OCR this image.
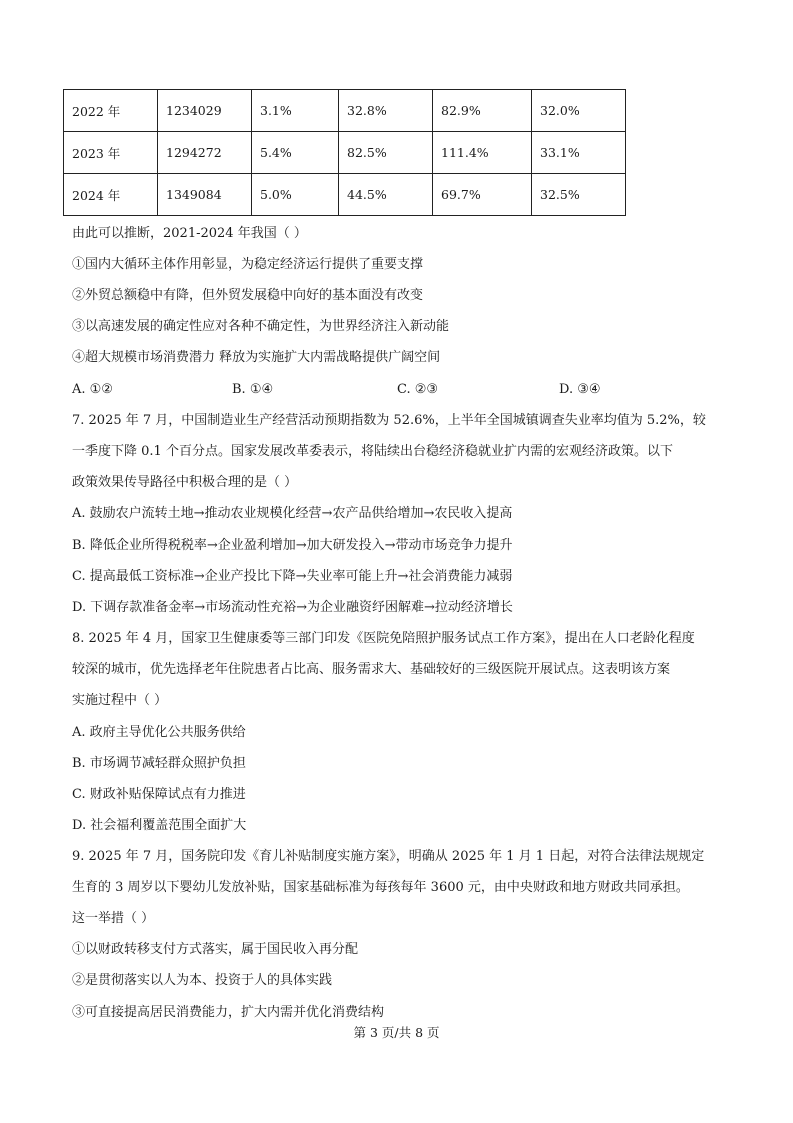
2022 年	1234029	3.1%	32.8%	82.9%	32.0%
2023 年	1294272	5.4%	82.5%	111.4%	33.1%
2024 年	1349084	5.0%	44.5%	69.7%	32.5%
由此可以推断，2021-2024 年我国（ ）
①国内大循环主体作用彰显，为稳定经济运行提供了重要支撑
②外贸总额稳中有降，但外贸发展稳中向好的基本面没有改变
③以高速发展的确定性应对各种不确定性，为世界经济注入新动能
④超大规模市场消费潜力 释放为实施扩大内需战略提供广阔空间
A. ①②	B. ①④	C. ②③	D. ③④
7. 2025 年 7 月，中国制造业生产经营活动预期指数为 52.6%，上半年全国城镇调查失业率均值为 5.2%，较
一季度下降 0.1 个百分点。国家发展改革委表示，将陆续出台稳经济稳就业扩内需的宏观经济政策。以下
政策效果传导路径中积极合理的是（ ）
A. 鼓励农户流转土地→推动农业规模化经营→农产品供给增加→农民收入提高
B. 降低企业所得税税率→企业盈利增加→加大研发投入→带动市场竞争力提升
C. 提高最低工资标准→企业产投比下降→失业率可能上升→社会消费能力减弱
D. 下调存款准备金率→市场流动性充裕→为企业融资纾困解难→拉动经济增长
8. 2025 年 4 月，国家卫生健康委等三部门印发《医院免陪照护服务试点工作方案》，提出在人口老龄化程度
较深的城市，优先选择老年住院患者占比高、服务需求大、基础较好的三级医院开展试点。这表明该方案
实施过程中（ ）
A. 政府主导优化公共服务供给
B. 市场调节减轻群众照护负担
C. 财政补贴保障试点有力推进
D. 社会福利覆盖范围全面扩大
9. 2025 年 7 月，国务院印发《育儿补贴制度实施方案》，明确从 2025 年 1 月 1 日起，对符合法律法规规定
生育的 3 周岁以下婴幼儿发放补贴，国家基础标准为每孩每年 3600 元，由中央财政和地方财政共同承担。
这一举措（ ）
①以财政转移支付方式落实，属于国民收入再分配
②是贯彻落实以人为本、投资于人的具体实践
③可直接提高居民消费能力，扩大内需并优化消费结构
第 3 页/共 8 页
